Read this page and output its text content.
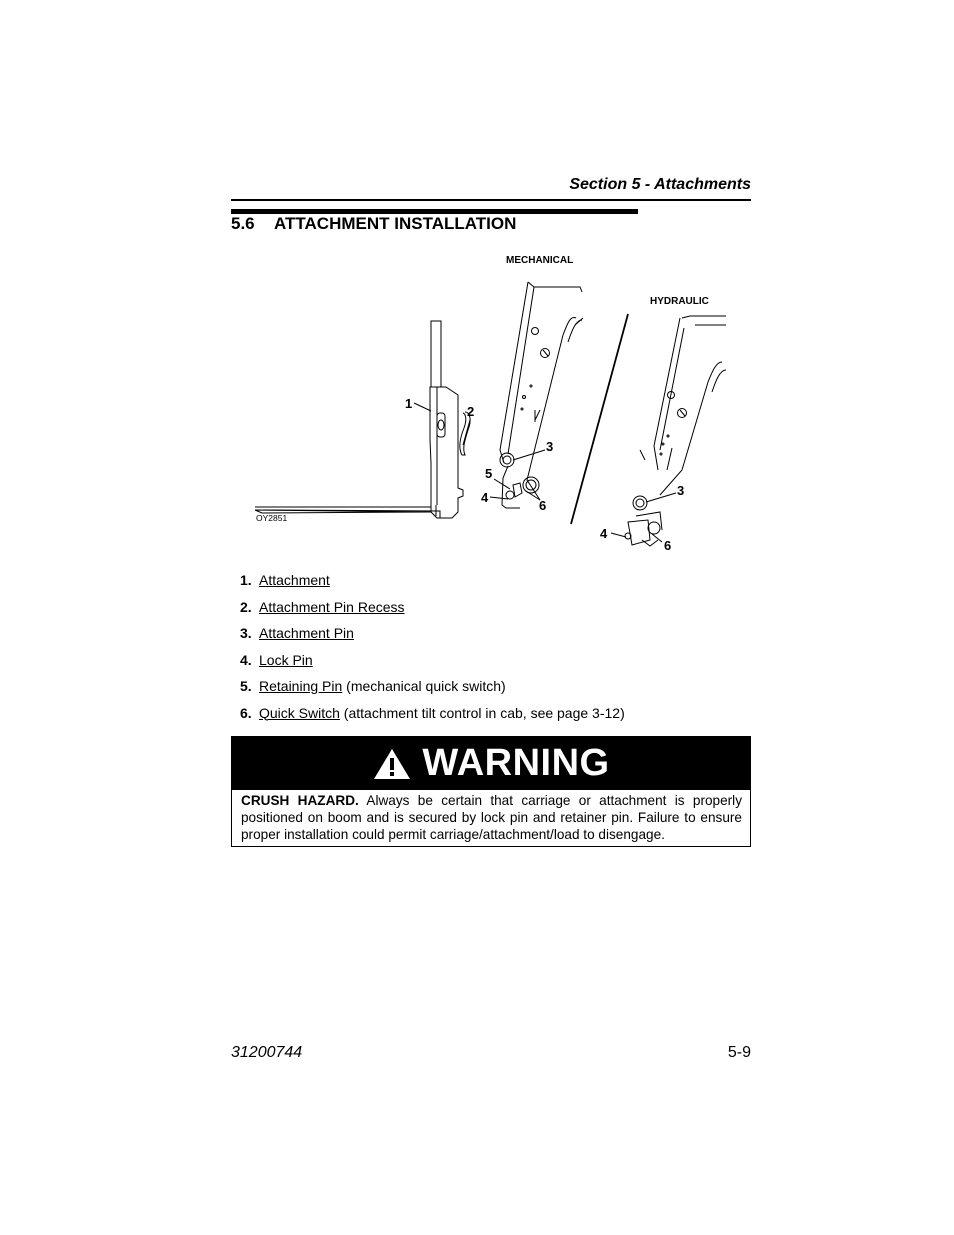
Section 5 - Attachments
5.6 ATTACHMENT INSTALLATION
MECHANICAL
HYDRAULIC
OY2851
1
2
3
5
4
6
3
4
6
1. Attachment
2. Attachment Pin Recess
3. Attachment Pin
4. Lock Pin
5. Retaining Pin (mechanical quick switch)
6. Quick Switch (attachment tilt control in cab, see page 3-12)
WARNING
CRUSH HAZARD. Always be certain that carriage or attachment is properly positioned on boom and is secured by lock pin and retainer pin. Failure to ensure proper installation could permit carriage/attachment/load to disengage.
31200744	5-9
